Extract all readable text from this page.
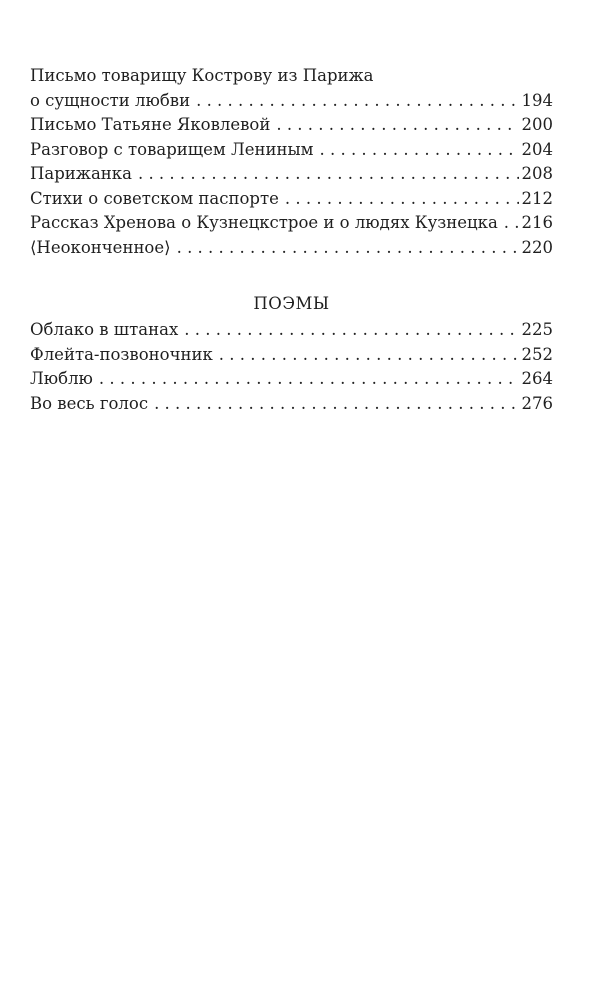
Письмо товарищу Кострову из Парижа
о сущности любви . . .	194
Письмо Татьяне Яковлевой . . .	200
Разговор с товарищем Лениным . . .	204
Парижанка . . .	208
Стихи о советском паспорте . . .	212
Рассказ Хренова о Кузнецкстрое и о людях Кузнецка . . . 216
⟨Неоконченное⟩ . . .	220
ПОЭМЫ
Облако в штанах . . .	225
Флейта-позвоночник . . .	252
Люблю . . .	264
Во весь голос . . .	276
